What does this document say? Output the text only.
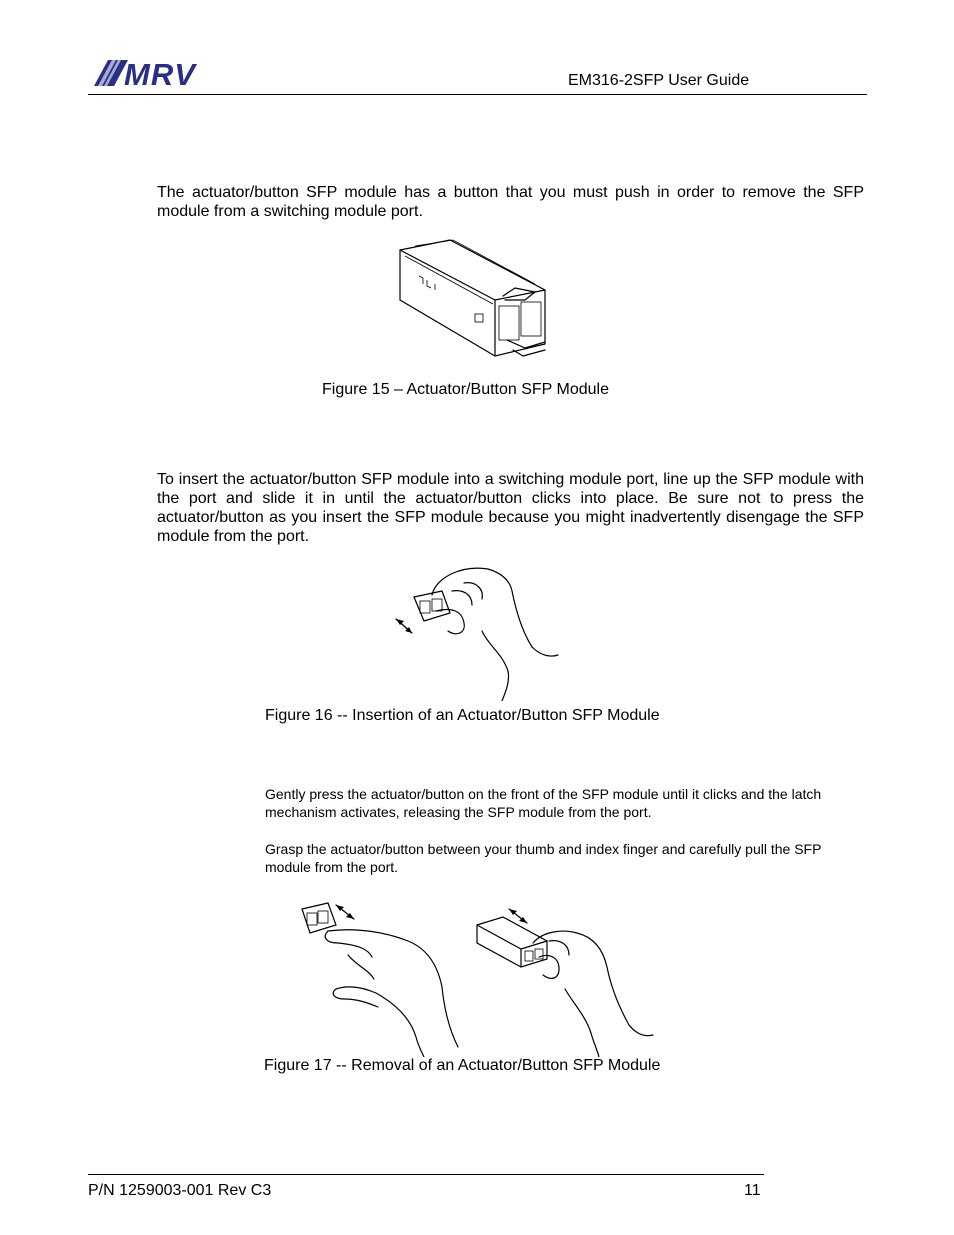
MRV	EM316-2SFP User Guide
The actuator/button SFP module has a button that you must push in order to remove the SFP module from a switching module port.
Figure 15 – Actuator/Button SFP Module
To insert the actuator/button SFP module into a switching module port, line up the SFP module with the port and slide it in until the actuator/button clicks into place. Be sure not to press the actuator/button as you insert the SFP module because you might inadvertently disengage the SFP module from the port.
Figure 16 -- Insertion of an Actuator/Button SFP Module
Gently press the actuator/button on the front of the SFP module until it clicks and the latch mechanism activates, releasing the SFP module from the port.
Grasp the actuator/button between your thumb and index finger and carefully pull the SFP module from the port.
Figure 17 -- Removal of an Actuator/Button SFP Module
P/N 1259003-001 Rev C3	11
